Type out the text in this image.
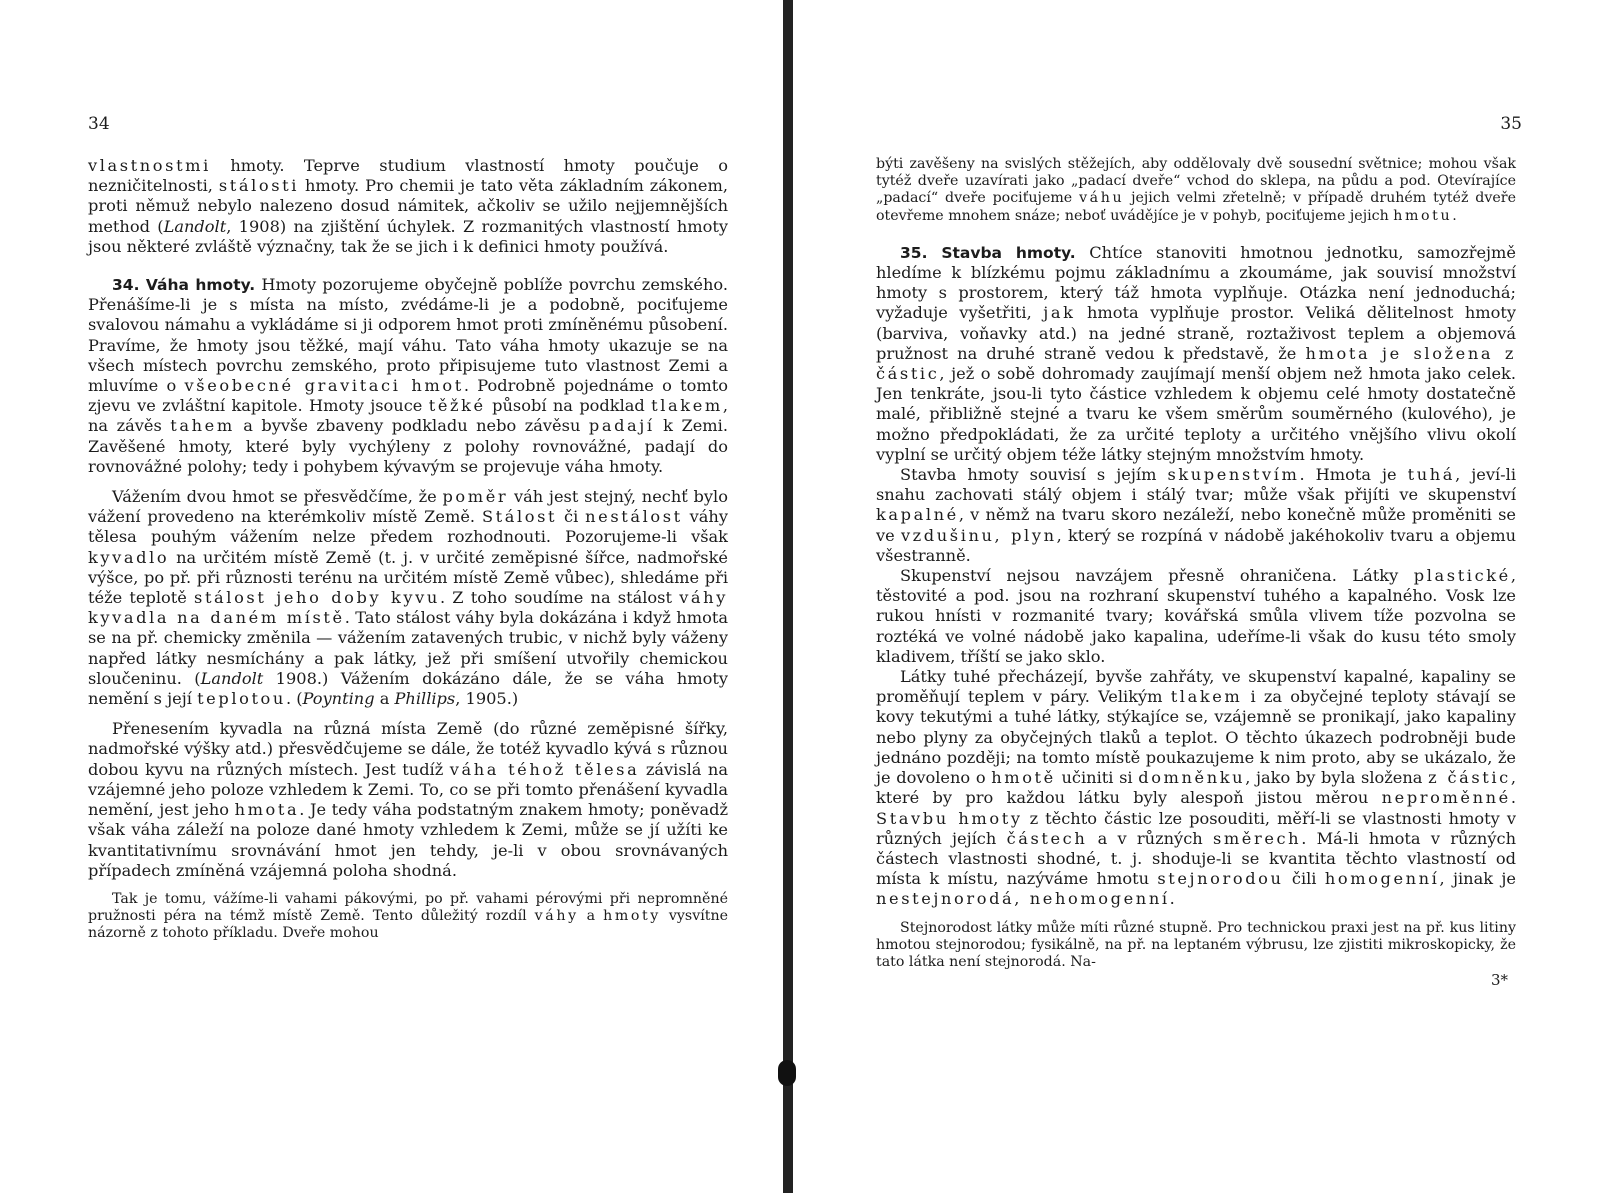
34

vlastnostmi hmoty. Teprve studium vlastností hmoty poučuje o nezničitelnosti, stálosti hmoty. Pro chemii je tato věta základním zákonem, proti němuž nebylo nalezeno dosud námitek, ačkoliv se užilo nejjemnějších method (Landolt, 1908) na zjištění úchylek. Z rozmanitých vlastností hmoty jsou některé zvláště význačny, tak že se jich i k definici hmoty používá.

34. Váha hmoty. Hmoty pozorujeme obyčejně poblíže povrchu zemského. Přenášíme-li je s místa na místo, zvédáme-li je a podobně, pociťujeme svalovou námahu a vykládáme si ji odporem hmot proti zmíněnému působení. Pravíme, že hmoty jsou těžké, mají váhu. Tato váha hmoty ukazuje se na všech místech povrchu zemského, proto připisujeme tuto vlastnost Zemi a mluvíme o všeobecné gravitaci hmot. Podrobně pojednáme o tomto zjevu ve zvláštní kapitole. Hmoty jsouce těžké působí na podklad tlakem, na závěs tahem a byvše zbaveny podkladu nebo závěsu padají k Zemi. Zavěšené hmoty, které byly vychýleny z polohy rovnovážné, padají do rovnovážné polohy; tedy i pohybem kývavým se projevuje váha hmoty.

Vážením dvou hmot se přesvědčíme, že poměr váh jest stejný, nechť bylo vážení provedeno na kterémkoliv místě Země. Stálost či nestálost váhy tělesa pouhým vážením nelze předem rozhodnouti. Pozorujeme-li však kyvadlo na určitém místě Země (t. j. v určité zeměpisné šířce, nadmořské výšce, po př. při různosti terénu na určitém místě Země vůbec), shledáme při téže teplotě stálost jeho doby kyvu. Z toho soudíme na stálost váhy kyvadla na daném místě. Tato stálost váhy byla dokázána i když hmota se na př. chemicky změnila — vážením zatavených trubic, v nichž byly váženy napřed látky nesmíchány a pak látky, jež při smíšení utvořily chemickou sloučeninu. (Landolt 1908.) Vážením dokázáno dále, že se váha hmoty nemění s její teplotou. (Poynting a Phillips, 1905.)

Přenesením kyvadla na různá místa Země (do různé zeměpisné šířky, nadmořské výšky atd.) přesvědčujeme se dále, že totéž kyvadlo kývá s různou dobou kyvu na různých místech. Jest tudíž váha téhož tělesa závislá na vzájemné jeho poloze vzhledem k Zemi. To, co se při tomto přenášení kyvadla nemění, jest jeho hmota. Je tedy váha podstatným znakem hmoty; poněvadž však váha záleží na poloze dané hmoty vzhledem k Zemi, může se jí užíti ke kvantitativnímu srovnávání hmot jen tehdy, je-li v obou srovnávaných případech zmíněná vzájemná poloha shodná.

Tak je tomu, vážíme-li vahami pákovými, po př. vahami pérovými při nepromněné pružnosti péra na témž místě Země. Tento důležitý rozdíl váhy a hmoty vysvítne názorně z tohoto příkladu. Dveře mohou

35

býti zavěšeny na svislých stěžejích, aby oddělovaly dvě sousední světnice; mohou však tytéž dveře uzavírati jako „padací dveře“ vchod do sklepa, na půdu a pod. Otevírajíce „padací“ dveře pociťujeme váhu jejich velmi zřetelně; v případě druhém tytéž dveře otevřeme mnohem snáze; neboť uvádějíce je v pohyb, pociťujeme jejich hmotu.

35. Stavba hmoty. Chtíce stanoviti hmotnou jednotku, samozřejmě hledíme k blízkému pojmu základnímu a zkoumáme, jak souvisí množství hmoty s prostorem, který táž hmota vyplňuje. Otázka není jednoduchá; vyžaduje vyšetřiti, jak hmota vyplňuje prostor. Veliká dělitelnost hmoty (barviva, voňavky atd.) na jedné straně, roztaživost teplem a objemová pružnost na druhé straně vedou k představě, že hmota je složena z částic, jež o sobě dohromady zaujímají menší objem než hmota jako celek. Jen tenkráte, jsou-li tyto částice vzhledem k objemu celé hmoty dostatečně malé, přibližně stejné a tvaru ke všem směrům souměrného (kulového), je možno předpokládati, že za určité teploty a určitého vnějšího vlivu okolí vyplní se určitý objem téže látky stejným množstvím hmoty.

Stavba hmoty souvisí s jejím skupenstvím. Hmota je tuhá, jeví-li snahu zachovati stálý objem i stálý tvar; může však přijíti ve skupenství kapalné, v němž na tvaru skoro nezáleží, nebo konečně může proměniti se ve vzdušinu, plyn, který se rozpíná v nádobě jakéhokoliv tvaru a objemu všestranně.

Skupenství nejsou navzájem přesně ohraničena. Látky plastické, těstovité a pod. jsou na rozhraní skupenství tuhého a kapalného. Vosk lze rukou hnísti v rozmanité tvary; kovářská smůla vlivem tíže pozvolna se roztéká ve volné nádobě jako kapalina, udeříme-li však do kusu této smoly kladivem, tříští se jako sklo.

Látky tuhé přecházejí, byvše zahřáty, ve skupenství kapalné, kapaliny se proměňují teplem v páry. Velikým tlakem i za obyčejné teploty stávají se kovy tekutými a tuhé látky, stýkajíce se, vzájemně se pronikají, jako kapaliny nebo plyny za obyčejných tlaků a teplot. O těchto úkazech podrobněji bude jednáno později; na tomto místě poukazujeme k nim proto, aby se ukázalo, že je dovoleno o hmotě učiniti si domněnku, jako by byla složena z částic, které by pro každou látku byly alespoň jistou měrou neproměnné. Stavbu hmoty z těchto částic lze posouditi, měří-li se vlastnosti hmoty v různých jejích částech a v různých směrech. Má-li hmota v různých částech vlastnosti shodné, t. j. shoduje-li se kvantita těchto vlastností od místa k místu, nazýváme hmotu stejnorodou čili homogenní, jinak je nestejnorodá, nehomogenní.

Stejnorodost látky může míti různé stupně. Pro technickou praxi jest na př. kus litiny hmotou stejnorodou; fysikálně, na př. na leptaném výbrusu, lze zjistiti mikroskopicky, že tato látka není stejnorodá. Na-

3*
